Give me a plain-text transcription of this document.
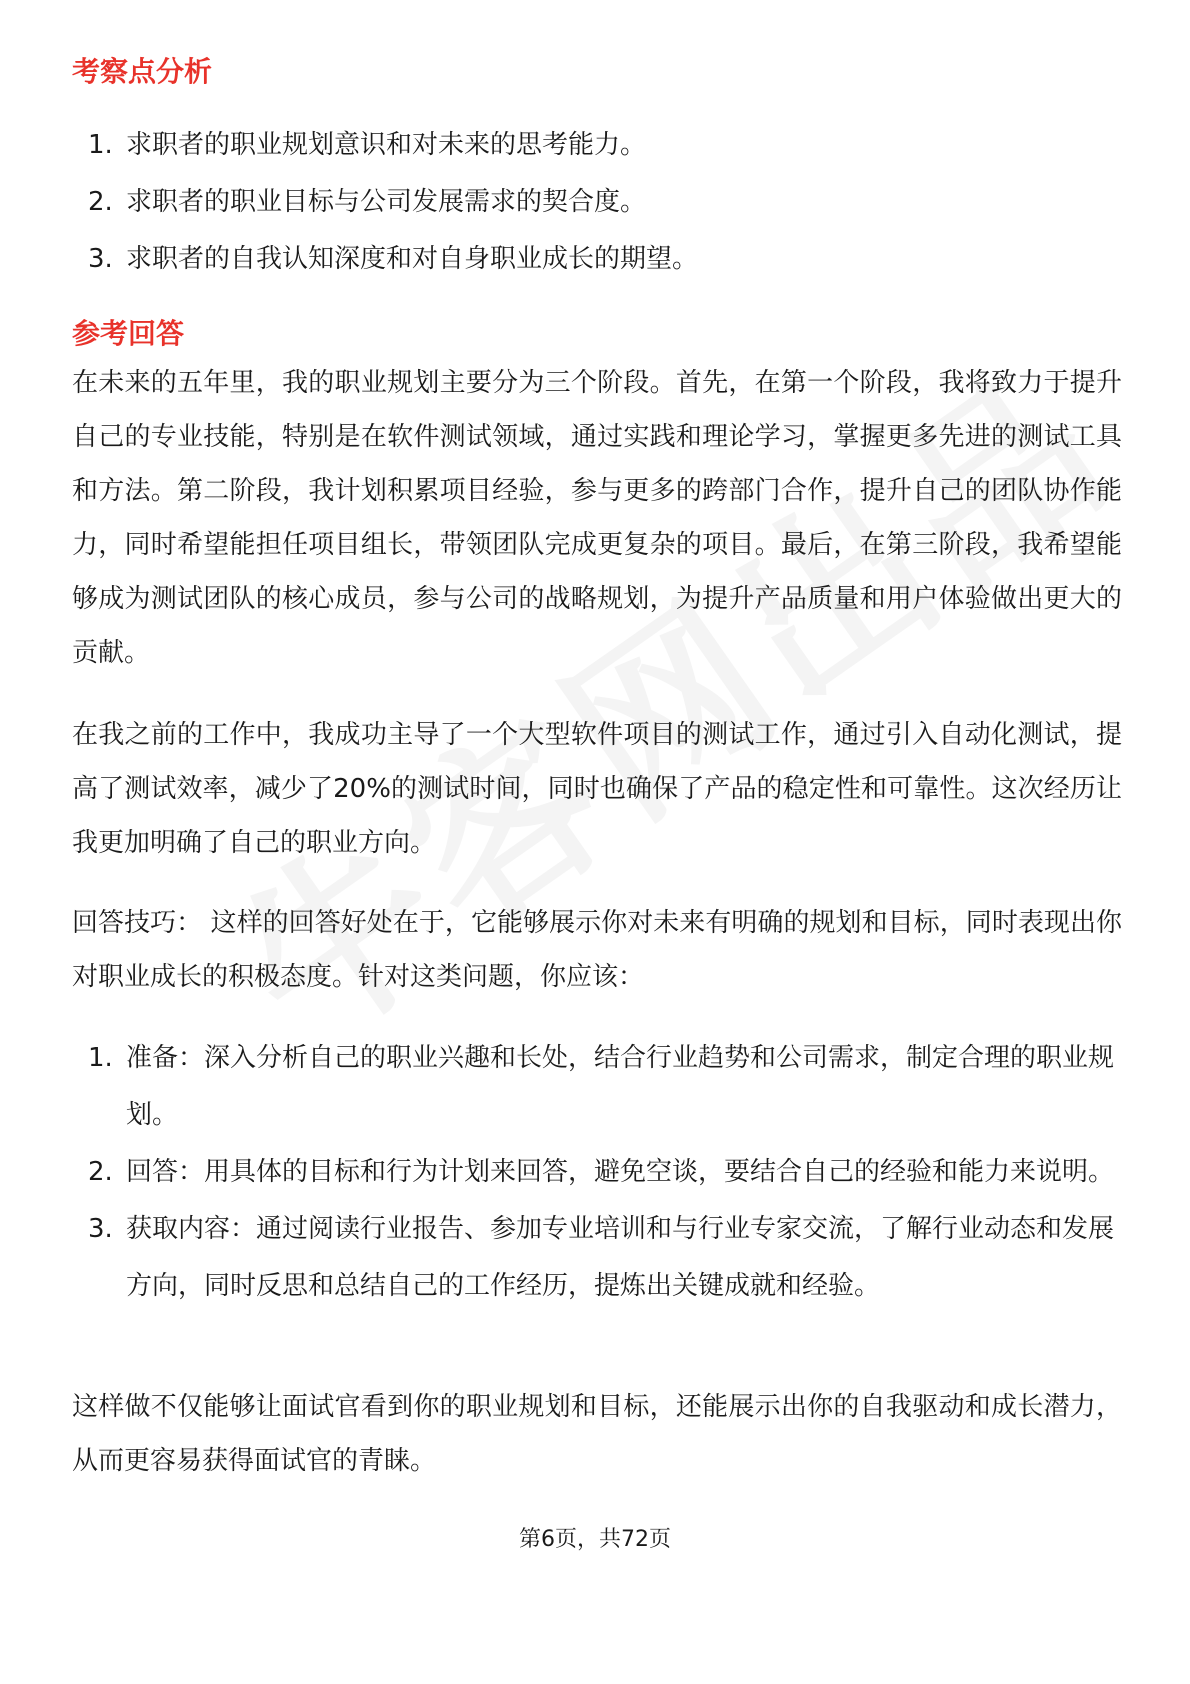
考察点分析
1. 求职者的职业规划意识和对未来的思考能力。
2. 求职者的职业目标与公司发展需求的契合度。
3. 求职者的自我认知深度和对自身职业成长的期望。
参考回答

在未来的五年里，我的职业规划主要分为三个阶段。首先，在第一个阶段，我将致力于提升自己的专业技能，特别是在软件测试领域，通过实践和理论学习，掌握更多先进的测试工具和方法。第二阶段，我计划积累项目经验，参与更多的跨部门合作，提升自己的团队协作能力，同时希望能担任项目组长，带领团队完成更复杂的项目。最后，在第三阶段，我希望能够成为测试团队的核心成员，参与公司的战略规划，为提升产品质量和用户体验做出更大的贡献。

在我之前的工作中，我成功主导了一个大型软件项目的测试工作，通过引入自动化测试，提高了测试效率，减少了20%的测试时间，同时也确保了产品的稳定性和可靠性。这次经历让我更加明确了自己的职业方向。

回答技巧： 这样的回答好处在于，它能够展示你对未来有明确的规划和目标，同时表现出你对职业成长的积极态度。针对这类问题，你应该：

1. 准备：深入分析自己的职业兴趣和长处，结合行业趋势和公司需求，制定合理的职业规划。
2. 回答：用具体的目标和行为计划来回答，避免空谈，要结合自己的经验和能力来说明。
3. 获取内容：通过阅读行业报告、参加专业培训和与行业专家交流，了解行业动态和发展方向，同时反思和总结自己的工作经历，提炼出关键成就和经验。

这样做不仅能够让面试官看到你的职业规划和目标，还能展示出你的自我驱动和成长潜力，从而更容易获得面试官的青睐。

第6页，共72页
